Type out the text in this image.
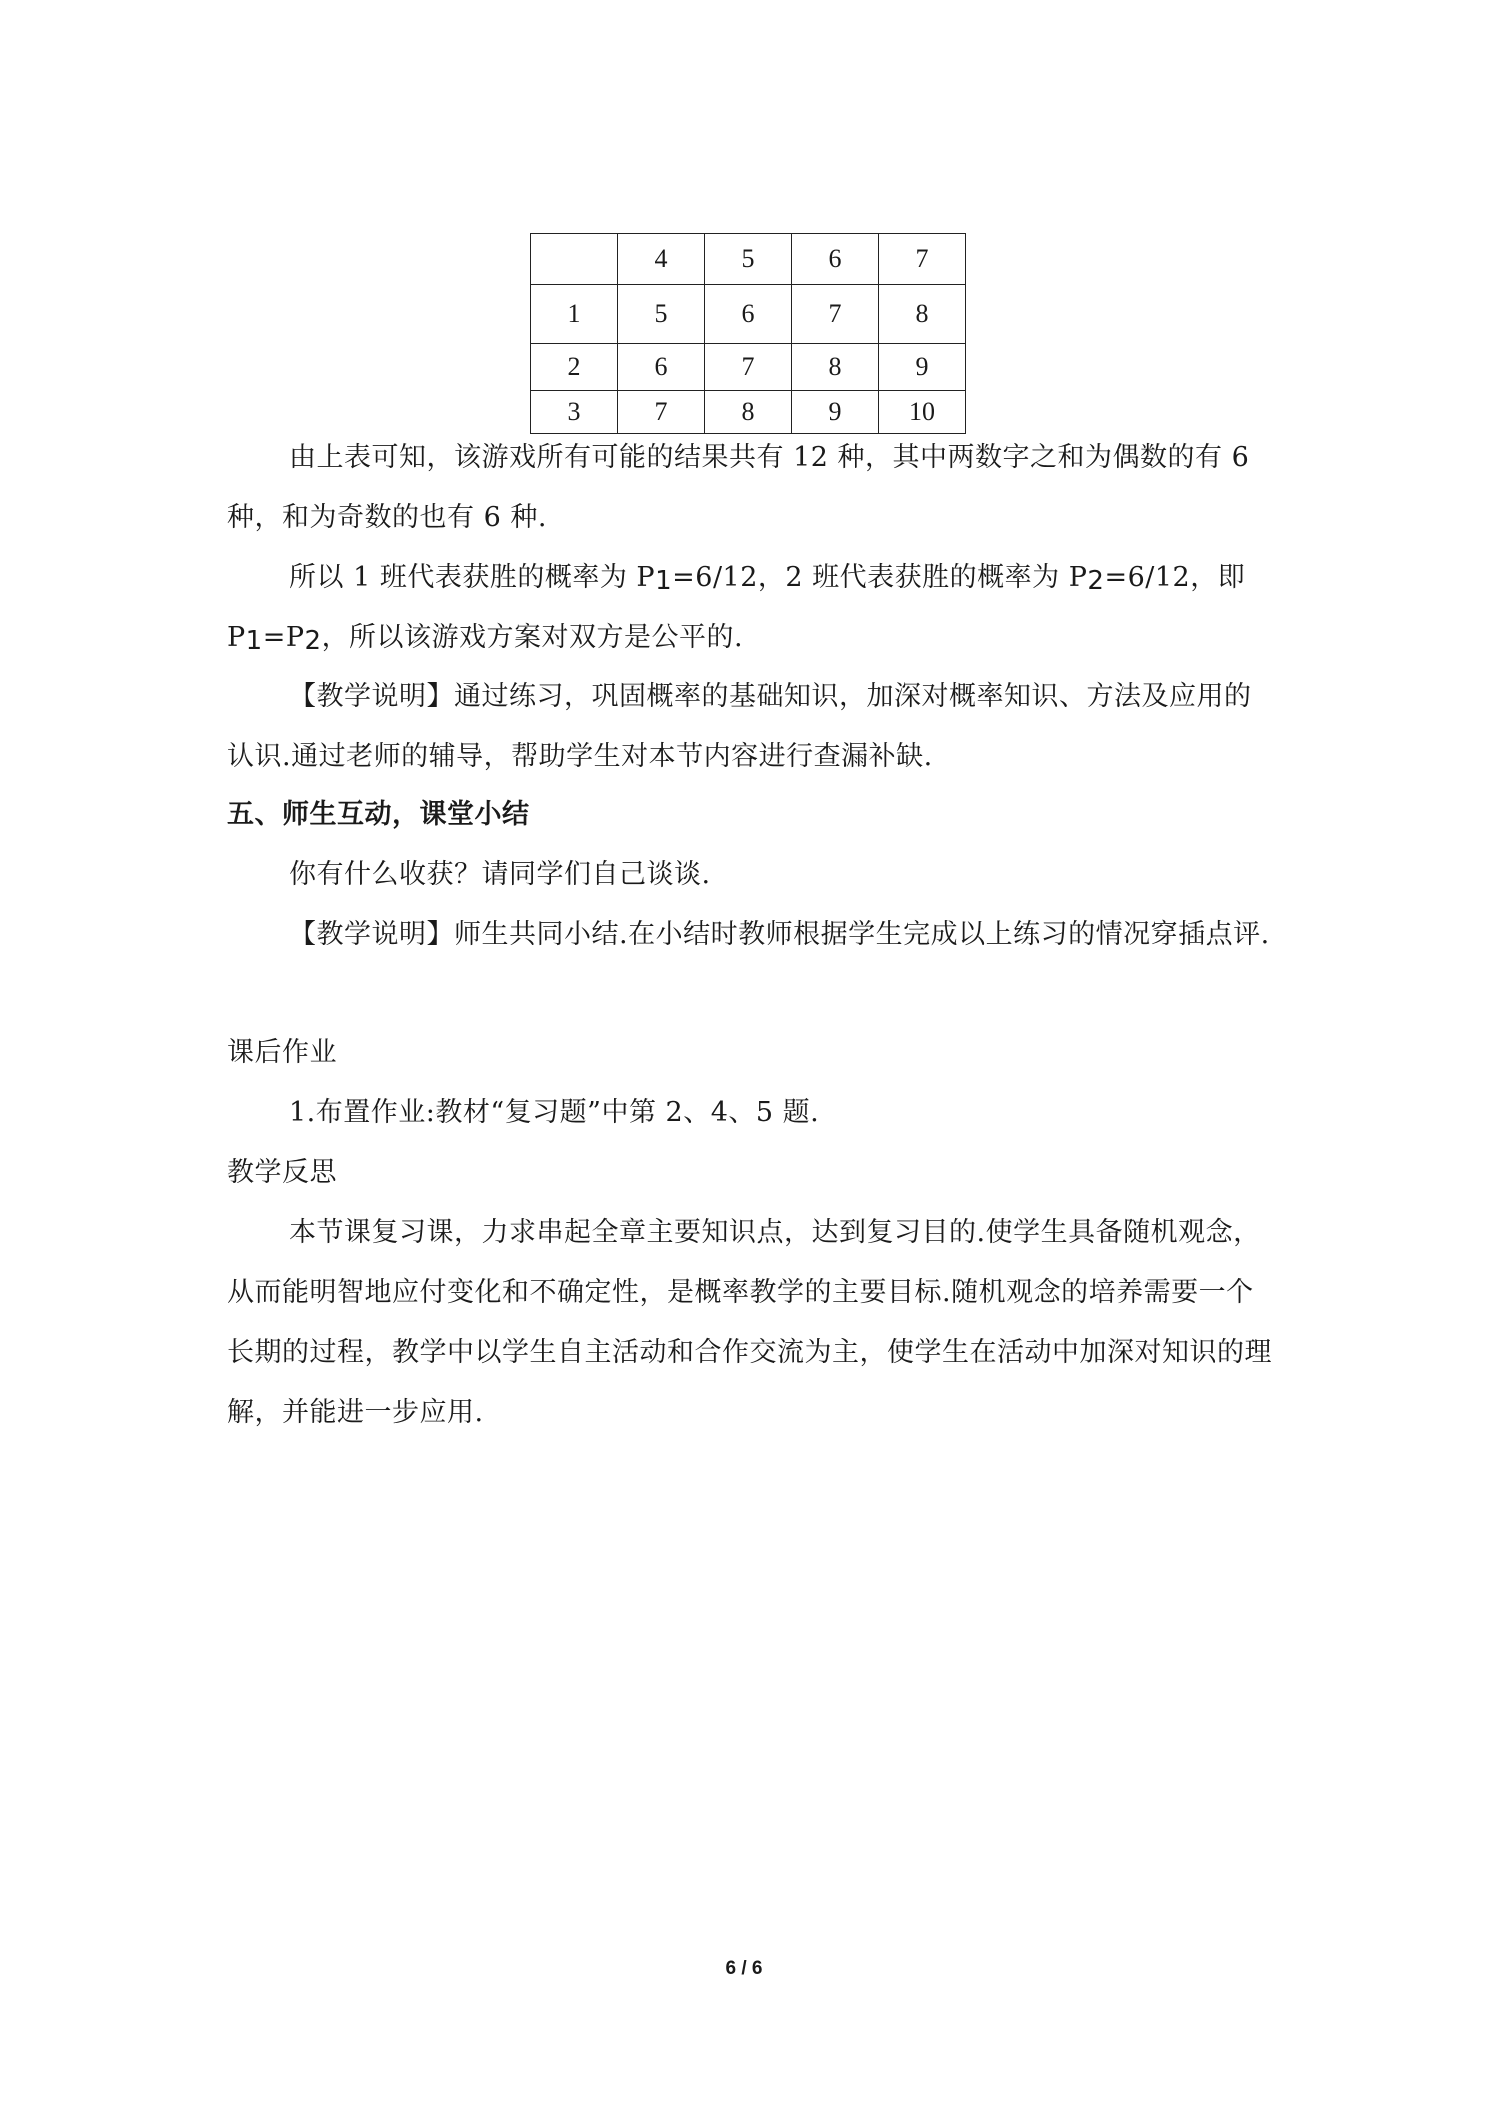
	4	5	6	7
1	5	6	7	8
2	6	7	8	9
3	7	8	9	10

由上表可知，该游戏所有可能的结果共有 12 种，其中两数字之和为偶数的有 6 种，和为奇数的也有 6 种.

所以 1 班代表获胜的概率为 $P_1=6/12$，2 班代表获胜的概率为 $P_2=6/12$，即 $P_1=P_2$，所以该游戏方案对双方是公平的.

【教学说明】通过练习，巩固概率的基础知识，加深对概率知识、方法及应用的认识.通过老师的辅导，帮助学生对本节内容进行查漏补缺.

五、师生互动，课堂小结

你有什么收获？请同学们自己谈谈.

【教学说明】师生共同小结.在小结时教师根据学生完成以上练习的情况穿插点评.

课后作业

1.布置作业:教材“复习题”中第 2、4、5 题.

教学反思

本节课复习课，力求串起全章主要知识点，达到复习目的.使学生具备随机观念，从而能明智地应付变化和不确定性，是概率教学的主要目标.随机观念的培养需要一个长期的过程，教学中以学生自主活动和合作交流为主，使学生在活动中加深对知识的理解，并能进一步应用.

6 / 6
